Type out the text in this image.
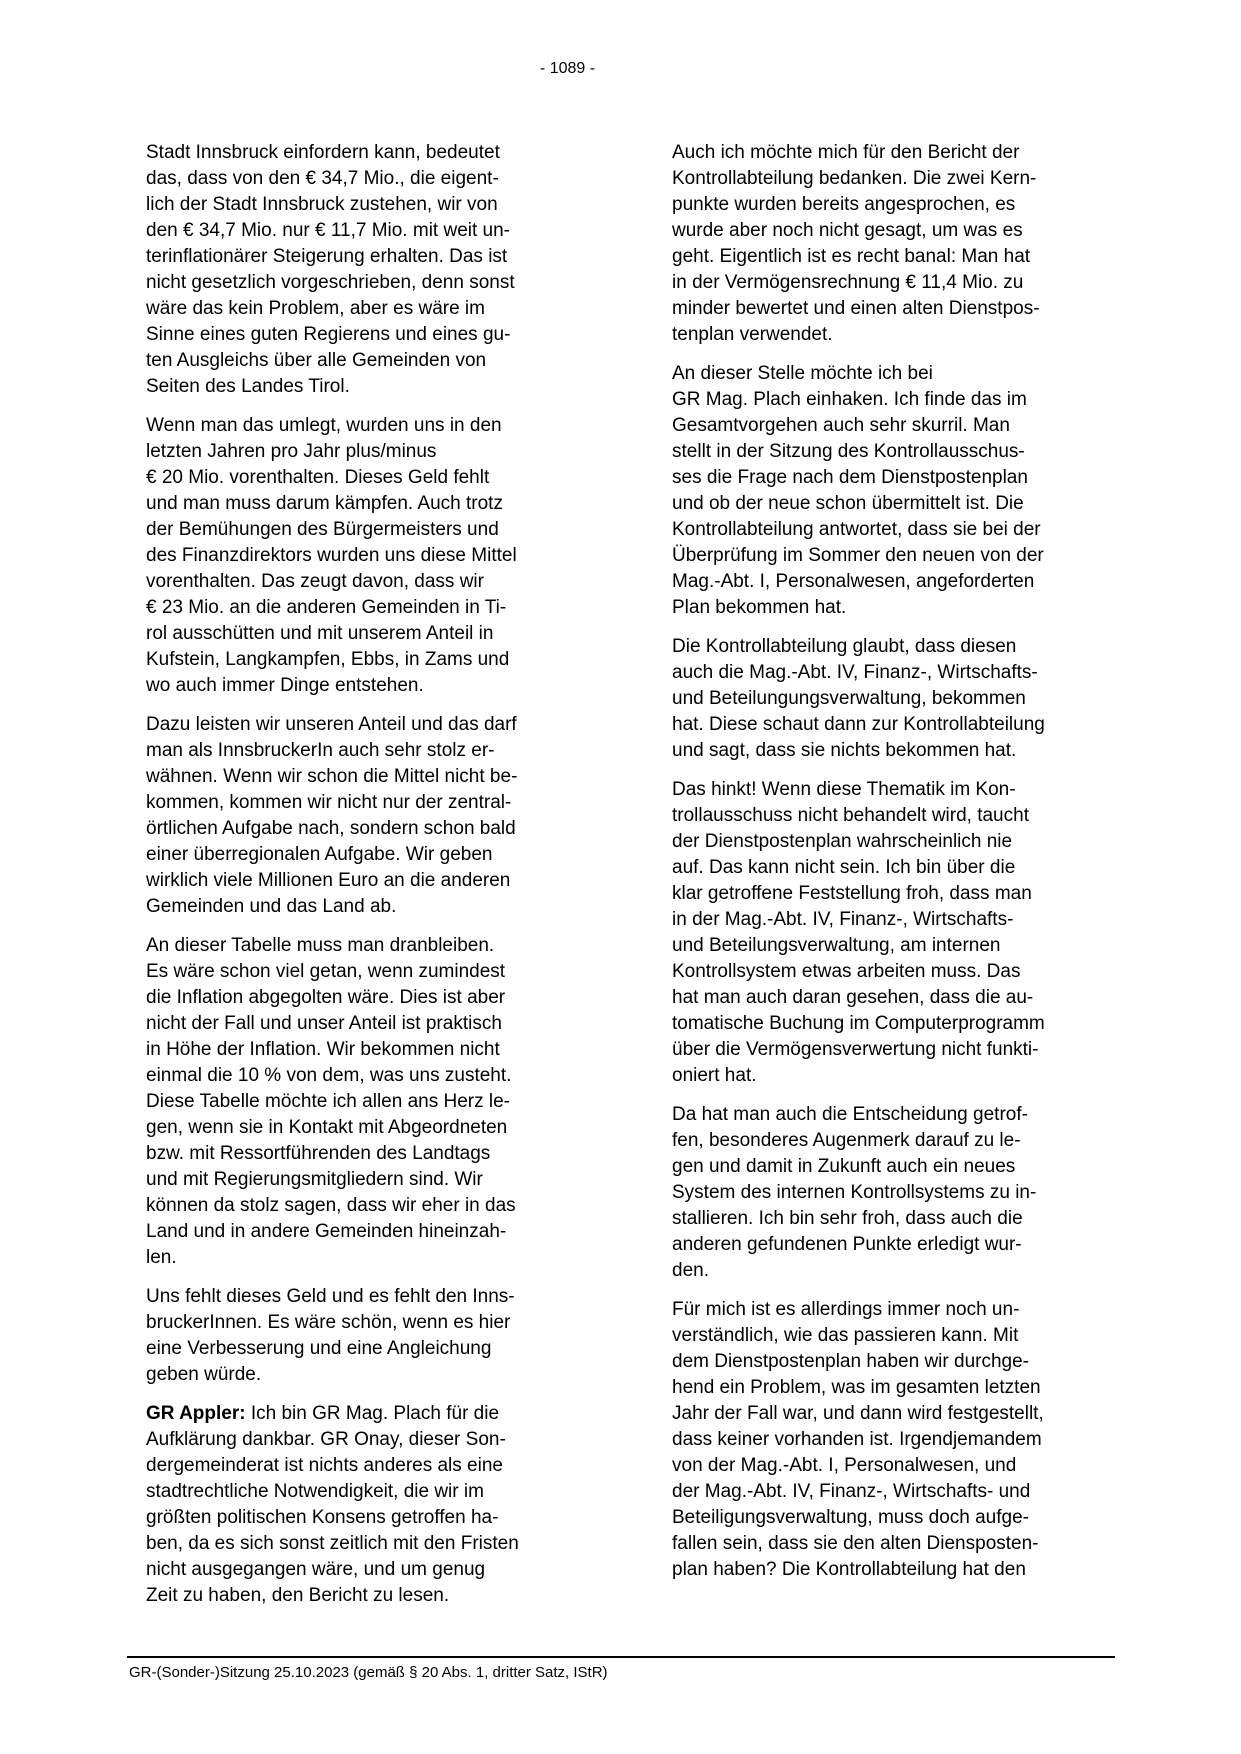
- 1089 -
Stadt Innsbruck einfordern kann, bedeutet
das, dass von den € 34,7 Mio., die eigent-
lich der Stadt Innsbruck zustehen, wir von
den € 34,7 Mio. nur € 11,7 Mio. mit weit un-
terinflationärer Steigerung erhalten. Das ist
nicht gesetzlich vorgeschrieben, denn sonst
wäre das kein Problem, aber es wäre im
Sinne eines guten Regierens und eines gu-
ten Ausgleichs über alle Gemeinden von
Seiten des Landes Tirol.
Wenn man das umlegt, wurden uns in den
letzten Jahren pro Jahr plus/minus
€ 20 Mio. vorenthalten. Dieses Geld fehlt
und man muss darum kämpfen. Auch trotz
der Bemühungen des Bürgermeisters und
des Finanzdirektors wurden uns diese Mittel
vorenthalten. Das zeugt davon, dass wir
€ 23 Mio. an die anderen Gemeinden in Ti-
rol ausschütten und mit unserem Anteil in
Kufstein, Langkampfen, Ebbs, in Zams und
wo auch immer Dinge entstehen.
Dazu leisten wir unseren Anteil und das darf
man als InnsbruckerIn auch sehr stolz er-
wähnen. Wenn wir schon die Mittel nicht be-
kommen, kommen wir nicht nur der zentral-
örtlichen Aufgabe nach, sondern schon bald
einer überregionalen Aufgabe. Wir geben
wirklich viele Millionen Euro an die anderen
Gemeinden und das Land ab.
An dieser Tabelle muss man dranbleiben.
Es wäre schon viel getan, wenn zumindest
die Inflation abgegolten wäre. Dies ist aber
nicht der Fall und unser Anteil ist praktisch
in Höhe der Inflation. Wir bekommen nicht
einmal die 10 % von dem, was uns zusteht.
Diese Tabelle möchte ich allen ans Herz le-
gen, wenn sie in Kontakt mit Abgeordneten
bzw. mit Ressortführenden des Landtags
und mit Regierungsmitgliedern sind. Wir
können da stolz sagen, dass wir eher in das
Land und in andere Gemeinden hineinzah-
len.
Uns fehlt dieses Geld und es fehlt den Inns-
bruckerInnen. Es wäre schön, wenn es hier
eine Verbesserung und eine Angleichung
geben würde.
GR Appler: Ich bin GR Mag. Plach für die
Aufklärung dankbar. GR Onay, dieser Son-
dergemeinderat ist nichts anderes als eine
stadtrechtliche Notwendigkeit, die wir im
größten politischen Konsens getroffen ha-
ben, da es sich sonst zeitlich mit den Fristen
nicht ausgegangen wäre, und um genug
Zeit zu haben, den Bericht zu lesen.
Auch ich möchte mich für den Bericht der
Kontrollabteilung bedanken. Die zwei Kern-
punkte wurden bereits angesprochen, es
wurde aber noch nicht gesagt, um was es
geht. Eigentlich ist es recht banal: Man hat
in der Vermögensrechnung € 11,4 Mio. zu
minder bewertet und einen alten Dienstpos-
tenplan verwendet.
An dieser Stelle möchte ich bei
GR Mag. Plach einhaken. Ich finde das im
Gesamtvorgehen auch sehr skurril. Man
stellt in der Sitzung des Kontrollausschus-
ses die Frage nach dem Dienstpostenplan
und ob der neue schon übermittelt ist. Die
Kontrollabteilung antwortet, dass sie bei der
Überprüfung im Sommer den neuen von der
Mag.-Abt. I, Personalwesen, angeforderten
Plan bekommen hat.
Die Kontrollabteilung glaubt, dass diesen
auch die Mag.-Abt. IV, Finanz-, Wirtschafts-
und Beteilungungsverwaltung, bekommen
hat. Diese schaut dann zur Kontrollabteilung
und sagt, dass sie nichts bekommen hat.
Das hinkt! Wenn diese Thematik im Kon-
trollausschuss nicht behandelt wird, taucht
der Dienstpostenplan wahrscheinlich nie
auf. Das kann nicht sein. Ich bin über die
klar getroffene Feststellung froh, dass man
in der Mag.-Abt. IV, Finanz-, Wirtschafts-
und Beteilungsverwaltung, am internen
Kontrollsystem etwas arbeiten muss. Das
hat man auch daran gesehen, dass die au-
tomatische Buchung im Computerprogramm
über die Vermögensverwertung nicht funkti-
oniert hat.
Da hat man auch die Entscheidung getrof-
fen, besonderes Augenmerk darauf zu le-
gen und damit in Zukunft auch ein neues
System des internen Kontrollsystems zu in-
stallieren. Ich bin sehr froh, dass auch die
anderen gefundenen Punkte erledigt wur-
den.
Für mich ist es allerdings immer noch un-
verständlich, wie das passieren kann. Mit
dem Dienstpostenplan haben wir durchge-
hend ein Problem, was im gesamten letzten
Jahr der Fall war, und dann wird festgestellt,
dass keiner vorhanden ist. Irgendjemandem
von der Mag.-Abt. I, Personalwesen, und
der Mag.-Abt. IV, Finanz-, Wirtschafts- und
Beteiligungsverwaltung, muss doch aufge-
fallen sein, dass sie den alten Diensposten-
plan haben? Die Kontrollabteilung hat den
GR-(Sonder-)Sitzung 25.10.2023 (gemäß § 20 Abs. 1, dritter Satz, IStR)
